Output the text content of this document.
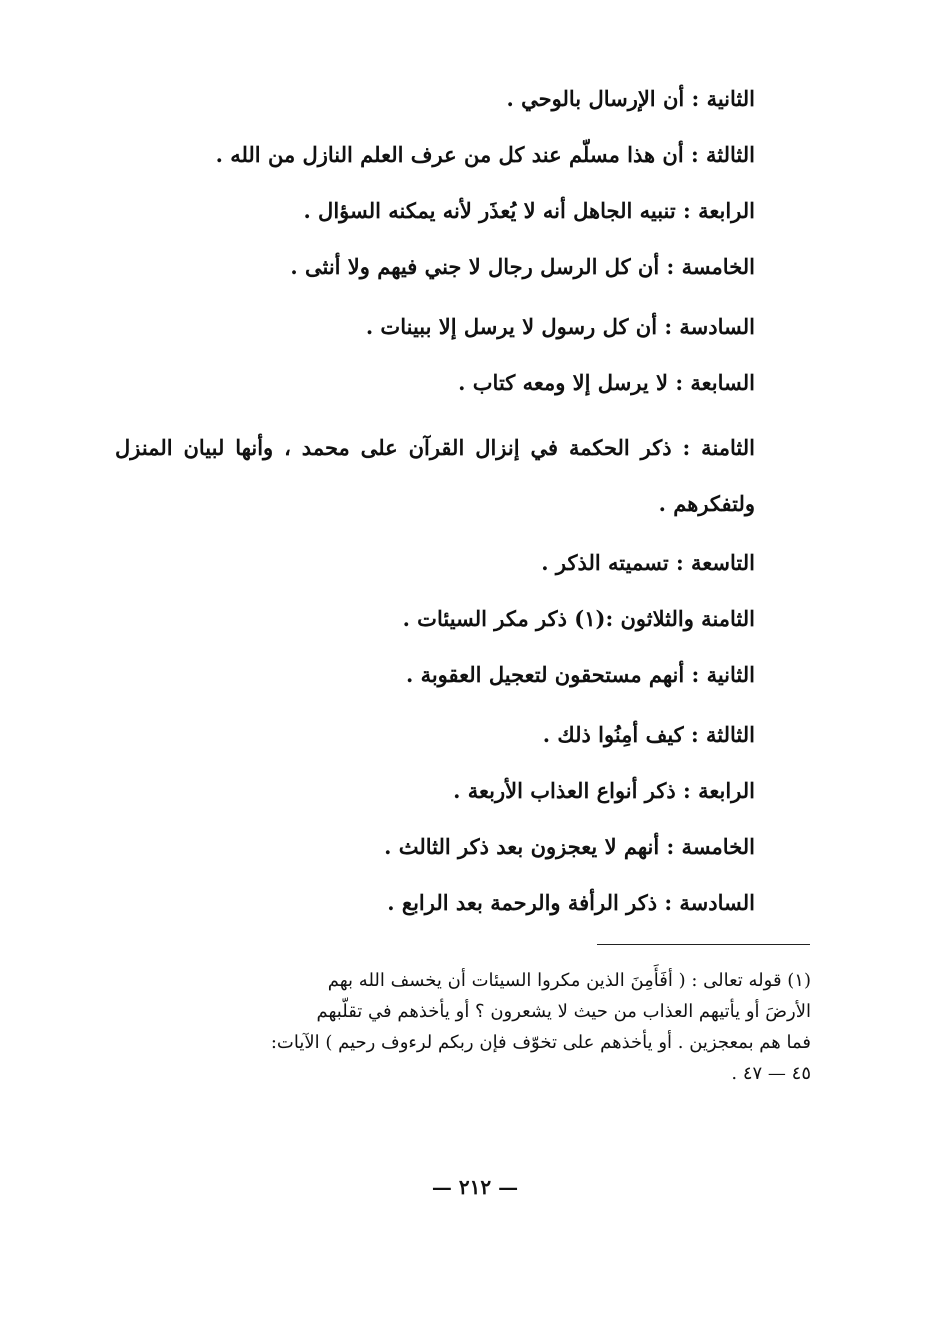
الثانية : أن الإرسال بالوحي .
الثالثة : أن هذا مسلّم عند كل من عرف العلم النازل من الله .
الرابعة : تنبيه الجاهل أنه لا يُعذَر لأنه يمكنه السؤال .
الخامسة : أن كل الرسل رجال لا جني فيهم ولا أنثى .
السادسة : أن كل رسول لا يرسل إلا ببينات .
السابعة : لا يرسل إلا ومعه كتاب .
الثامنة : ذكر الحكمة في إنزال القرآن على محمد ، وأنها لبيان المنزل ولتفكرهم .
التاسعة : تسميته الذكر .
الثامنة والثلاثون :(١) ذكر مكر السيئات .
الثانية : أنهم مستحقون لتعجيل العقوبة .
الثالثة : كيف أمِنُوا ذلك .
الرابعة : ذكر أنواع العذاب الأربعة .
الخامسة : أنهم لا يعجزون بعد ذكر الثالث .
السادسة : ذكر الرأفة والرحمة بعد الرابع .
(١) قوله تعالى : ( أفَأَمِنَ الذين مكروا السيئات أن يخسف الله بهم
الأرضَ أو يأتيهم العذاب من حيث لا يشعرون ؟ أو يأخذهم في تقلّبهم
فما هم بمعجزين . أو يأخذهم على تخوّف فإن ربكم لرءوف رحيم ) الآيات:
٤٥ — ٤٧ .
— ٢١٢ —
